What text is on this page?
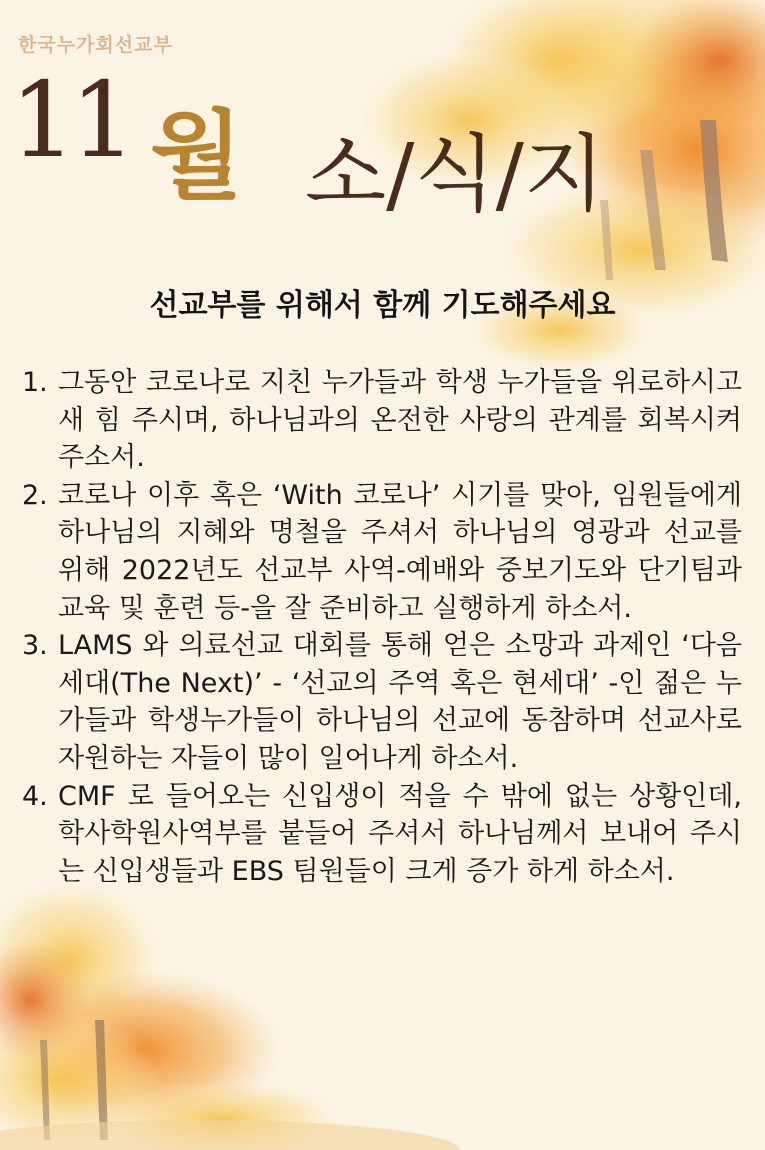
한국누가회선교부
11 월 소/식/지
선교부를 위해서 함께 기도해주세요
1. 그동안 코로나로 지친 누가들과 학생 누가들을 위로하시고 새 힘 주시며, 하나님과의 온전한 사랑의 관계를 회복시켜 주소서.
2. 코로나 이후 혹은 ‘With 코로나’ 시기를 맞아, 임원들에게 하나님의 지혜와 명철을 주셔서 하나님의 영광과 선교를 위해 2022년도 선교부 사역-예배와 중보기도와 단기팀과 교육 및 훈련 등-을 잘 준비하고 실행하게 하소서.
3. LAMS 와 의료선교 대회를 통해 얻은 소망과 과제인 ‘다음 세대(The Next)’ - ‘선교의 주역 혹은 현세대’ -인 젊은 누가들과 학생누가들이 하나님의 선교에 동참하며 선교사로 자원하는 자들이 많이 일어나게 하소서.
4. CMF 로 들어오는 신입생이 적을 수 밖에 없는 상황인데, 학사학원사역부를 붙들어 주셔서 하나님께서 보내어 주시는 신입생들과 EBS 팀원들이 크게 증가 하게 하소서.
